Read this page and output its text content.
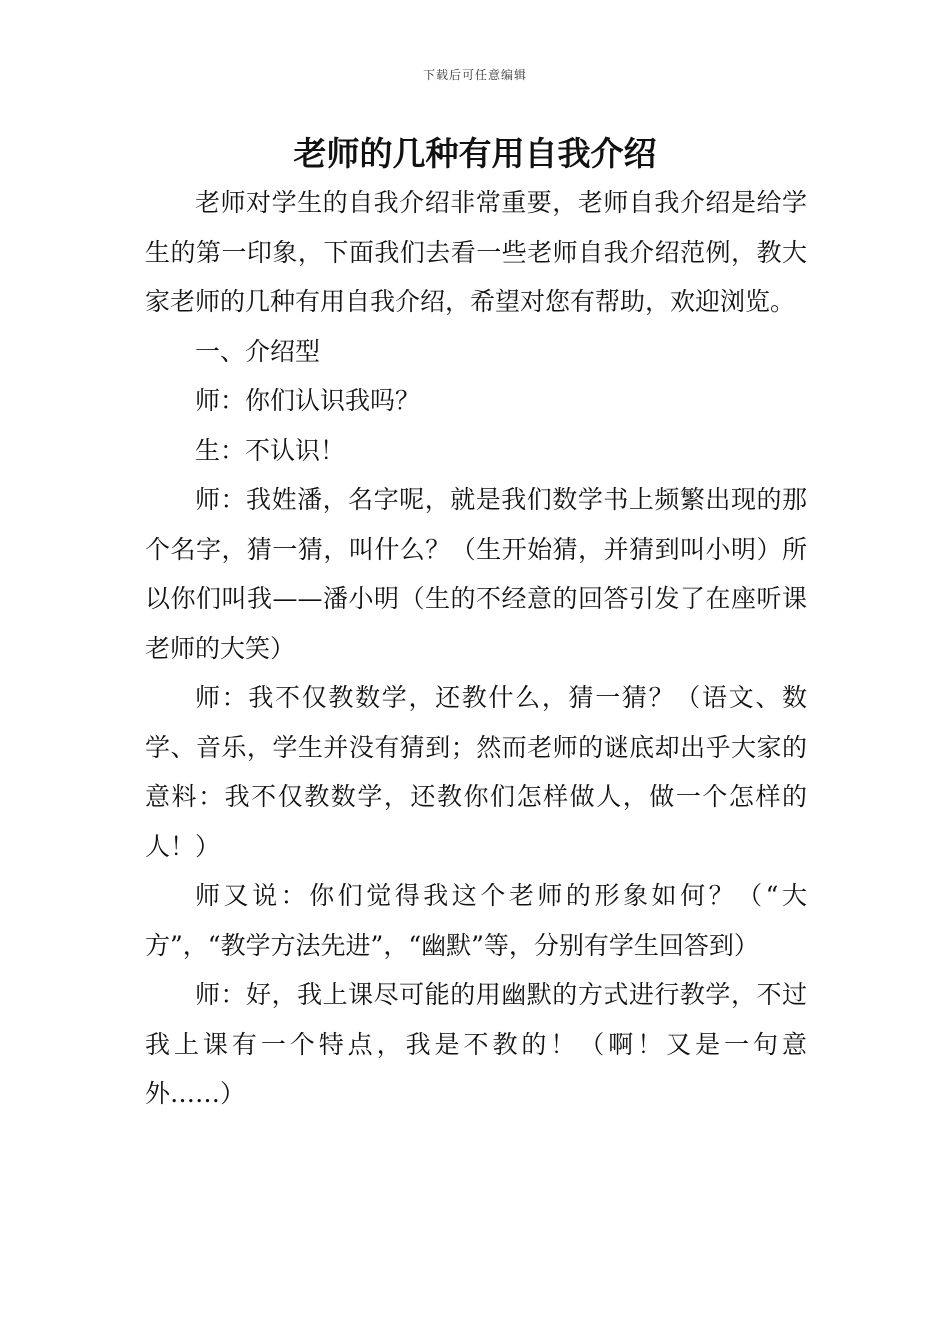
下载后可任意编辑
老师的几种有用自我介绍

老师对学生的自我介绍非常重要，老师自我介绍是给学生的第一印象，下面我们去看一些老师自我介绍范例，教大家老师的几种有用自我介绍，希望对您有帮助，欢迎浏览。

一、介绍型

师：你们认识我吗？

生：不认识！

师：我姓潘，名字呢，就是我们数学书上频繁出现的那个名字，猜一猜，叫什么？（生开始猜，并猜到叫小明）所以你们叫我——潘小明（生的不经意的回答引发了在座听课老师的大笑）

师：我不仅教数学，还教什么，猜一猜？（语文、数学、音乐，学生并没有猜到；然而老师的谜底却出乎大家的意料：我不仅教数学，还教你们怎样做人，做一个怎样的人！）

师又说：你们觉得我这个老师的形象如何？（“大方”，“教学方法先进”，“幽默”等，分别有学生回答到）

师：好，我上课尽可能的用幽默的方式进行教学，不过我上课有一个特点，我是不教的！（啊！又是一句意外……）
